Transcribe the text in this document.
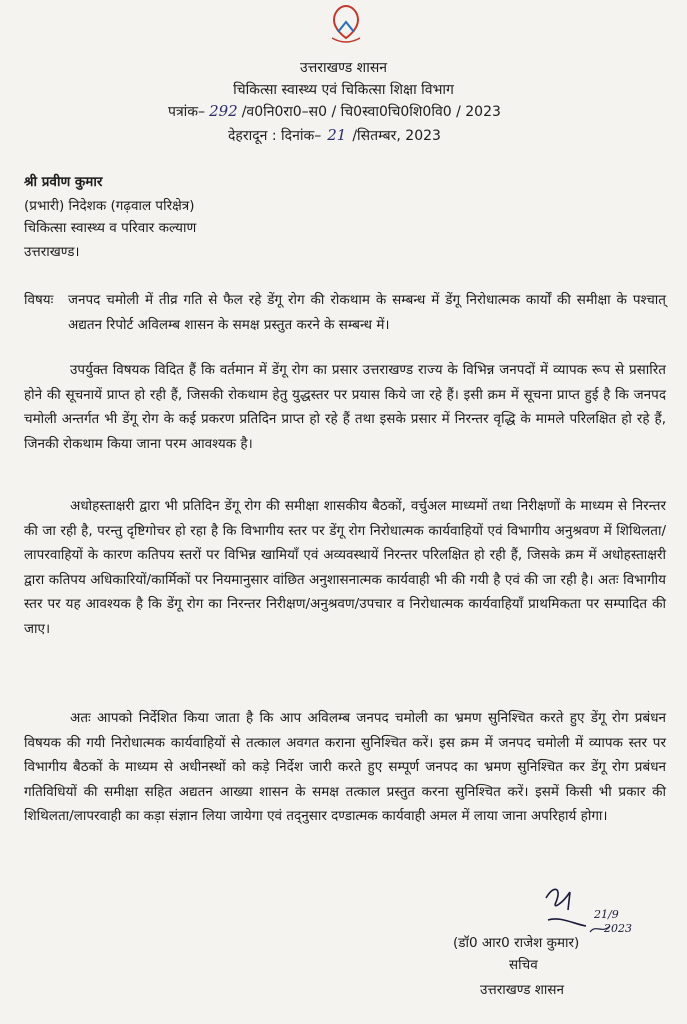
उत्तराखण्ड शासन
चिकित्सा स्वास्थ्य एवं चिकित्सा शिक्षा विभाग
पत्रांक– 292 /व0नि0रा0–स0 / चि0स्वा0चि0शि0वि0 / 2023
देहरादून : दिनांक– 21 /सितम्बर, 2023
श्री प्रवीण कुमार
(प्रभारी) निदेशक (गढ़वाल परिक्षेत्र)
चिकित्सा स्वास्थ्य व परिवार कल्याण
उत्तराखण्ड।
विषयः	जनपद चमोली में तीव्र गति से फैल रहे डेंगू रोग की रोकथाम के सम्बन्ध में डेंगू निरोधात्मक कार्यों की समीक्षा के पश्चात् अद्यतन रिपोर्ट अविलम्ब शासन के समक्ष प्रस्तुत करने के सम्बन्ध में।
उपर्युक्त विषयक विदित हैं कि वर्तमान में डेंगू रोग का प्रसार उत्तराखण्ड राज्य के विभिन्न जनपदों में व्यापक रूप से प्रसारित होने की सूचनायें प्राप्त हो रही हैं, जिसकी रोकथाम हेतु युद्धस्तर पर प्रयास किये जा रहे हैं। इसी क्रम में सूचना प्राप्त हुई है कि जनपद चमोली अन्तर्गत भी डेंगू रोग के कई प्रकरण प्रतिदिन प्राप्त हो रहे हैं तथा इसके प्रसार में निरन्तर वृद्धि के मामले परिलक्षित हो रहे हैं, जिनकी रोकथाम किया जाना परम आवश्यक है।
अधोहस्ताक्षरी द्वारा भी प्रतिदिन डेंगू रोग की समीक्षा शासकीय बैठकों, वर्चुअल माध्यमों तथा निरीक्षणों के माध्यम से निरन्तर की जा रही है, परन्तु दृष्टिगोचर हो रहा है कि विभागीय स्तर पर डेंगू रोग निरोधात्मक कार्यवाहियों एवं विभागीय अनुश्रवण में शिथिलता/लापरवाहियों के कारण कतिपय स्तरों पर विभिन्न खामियाँ एवं अव्यवस्थायें निरन्तर परिलक्षित हो रही हैं, जिसके क्रम में अधोहस्ताक्षरी द्वारा कतिपय अधिकारियों/कार्मिकों पर नियमानुसार वांछित अनुशासनात्मक कार्यवाही भी की गयी है एवं की जा रही है। अतः विभागीय स्तर पर यह आवश्यक है कि डेंगू रोग का निरन्तर निरीक्षण/अनुश्रवण/उपचार व निरोधात्मक कार्यवाहियाँ प्राथमिकता पर सम्पादित की जाए।
अतः आपको निर्देशित किया जाता है कि आप अविलम्ब जनपद चमोली का भ्रमण सुनिश्चित करते हुए डेंगू रोग प्रबंधन विषयक की गयी निरोधात्मक कार्यवाहियों से तत्काल अवगत कराना सुनिश्चित करें। इस क्रम में जनपद चमोली में व्यापक स्तर पर विभागीय बैठकों के माध्यम से अधीनस्थों को कड़े निर्देश जारी करते हुए सम्पूर्ण जनपद का भ्रमण सुनिश्चित कर डेंगू रोग प्रबंधन गतिविधियों की समीक्षा सहित अद्यतन आख्या शासन के समक्ष तत्काल प्रस्तुत करना सुनिश्चित करें। इसमें किसी भी प्रकार की शिथिलता/लापरवाही का कड़ा संज्ञान लिया जायेगा एवं तद्नुसार दण्डात्मक कार्यवाही अमल में लाया जाना अपरिहार्य होगा।
21/9
2023
(डॉ0 आर0 राजेश कुमार)
सचिव
उत्तराखण्ड शासन
